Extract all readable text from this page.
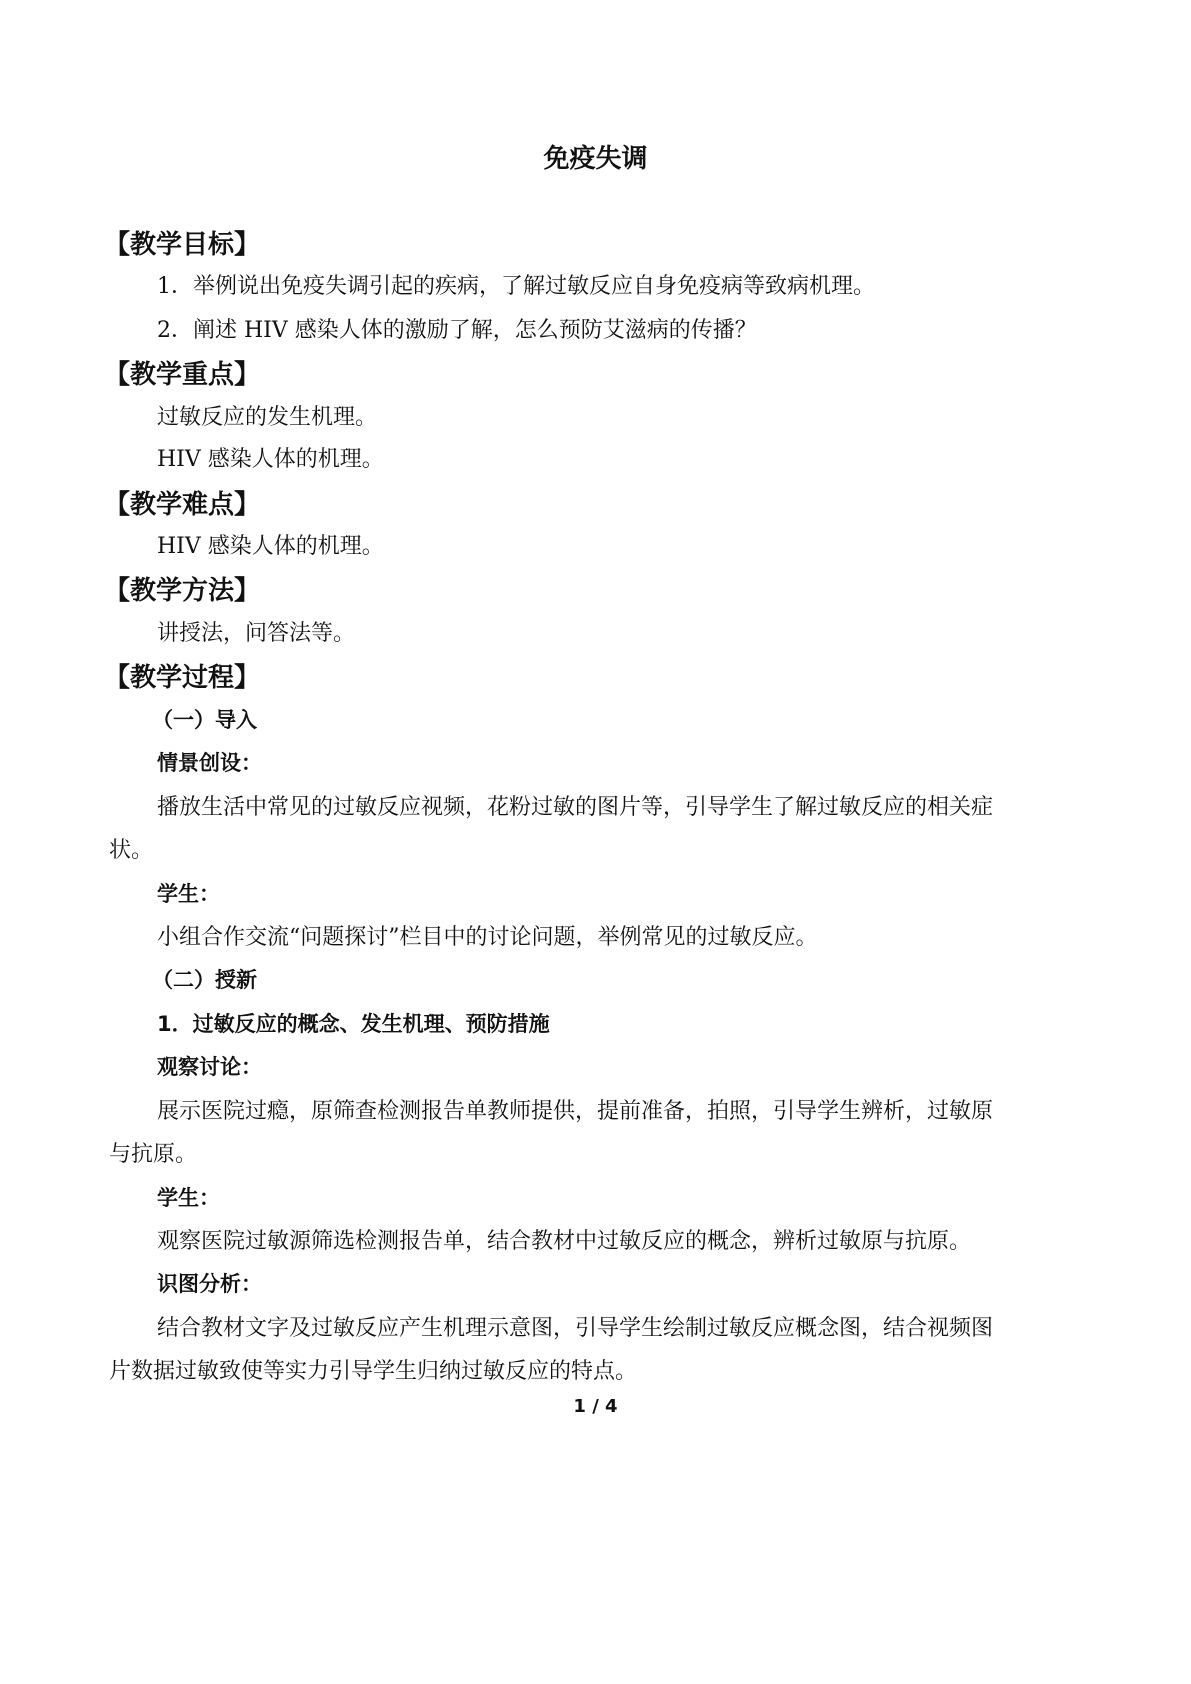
免疫失调
【教学目标】
1．举例说出免疫失调引起的疾病，了解过敏反应自身免疫病等致病机理。
2．阐述 HIV 感染人体的激励了解，怎么预防艾滋病的传播？
【教学重点】
过敏反应的发生机理。
HIV 感染人体的机理。
【教学难点】
HIV 感染人体的机理。
【教学方法】
讲授法，问答法等。
【教学过程】
（一）导入
情景创设：
播放生活中常见的过敏反应视频，花粉过敏的图片等，引导学生了解过敏反应的相关症
状。
学生：
小组合作交流“问题探讨”栏目中的讨论问题，举例常见的过敏反应。
（二）授新
1．过敏反应的概念、发生机理、预防措施
观察讨论：
展示医院过瘾，原筛查检测报告单教师提供，提前准备，拍照，引导学生辨析，过敏原
与抗原。
学生：
观察医院过敏源筛选检测报告单，结合教材中过敏反应的概念，辨析过敏原与抗原。
识图分析：
结合教材文字及过敏反应产生机理示意图，引导学生绘制过敏反应概念图，结合视频图
片数据过敏致使等实力引导学生归纳过敏反应的特点。
1 / 4
